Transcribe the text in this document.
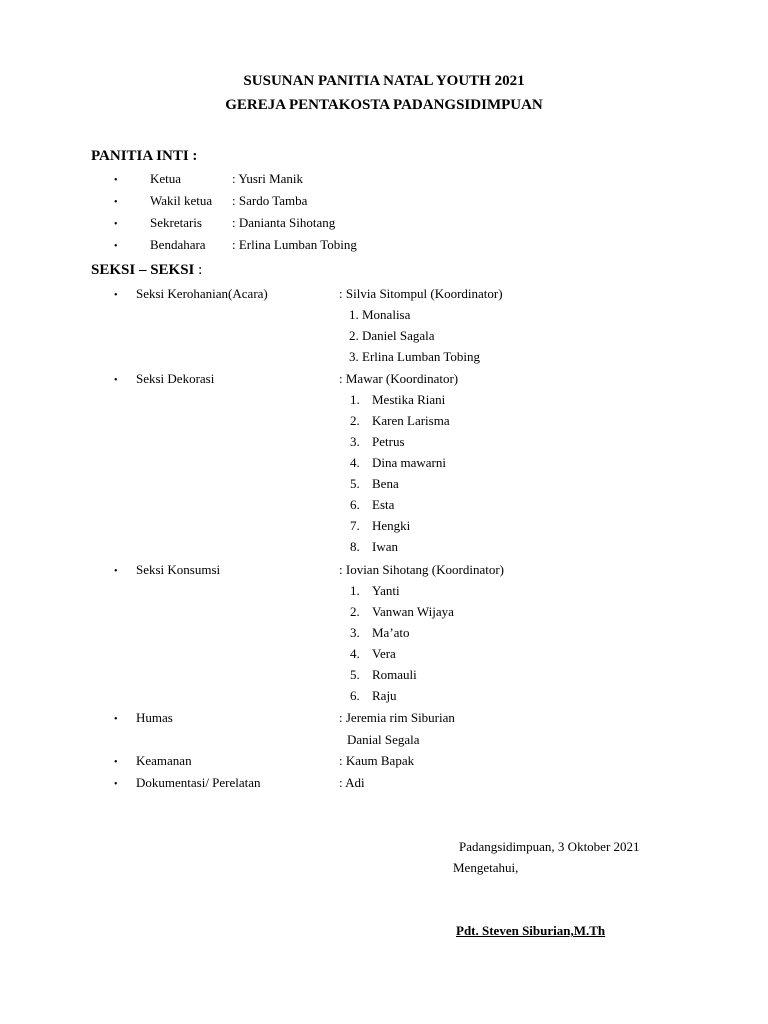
SUSUNAN PANITIA NATAL YOUTH 2021
GEREJA PENTAKOSTA PADANGSIDIMPUAN
PANITIA INTI :
• Ketua	: Yusri Manik
• Wakil ketua : Sardo Tamba
• Sekretaris : Danianta Sihotang
• Bendahara : Erlina Lumban Tobing
SEKSI – SEKSI :
• Seksi Kerohanian(Acara)	: Silvia Sitompul (Koordinator)
1. Monalisa
2. Daniel Sagala
3. Erlina Lumban Tobing
• Seksi Dekorasi	: Mawar (Koordinator)
1. Mestika Riani
2. Karen Larisma
3. Petrus
4. Dina mawarni
5. Bena
6. Esta
7. Hengki
8. Iwan
• Seksi Konsumsi	: Iovian Sihotang (Koordinator)
1. Yanti
2. Vanwan Wijaya
3. Ma’ato
4. Vera
5. Romauli
6. Raju
• Humas	: Jeremia rim Siburian
Danial Segala
• Keamanan	: Kaum Bapak
• Dokumentasi/ Perelatan	: Adi
Padangsidimpuan, 3 Oktober 2021
Mengetahui,
Pdt. Steven Siburian,M.Th
